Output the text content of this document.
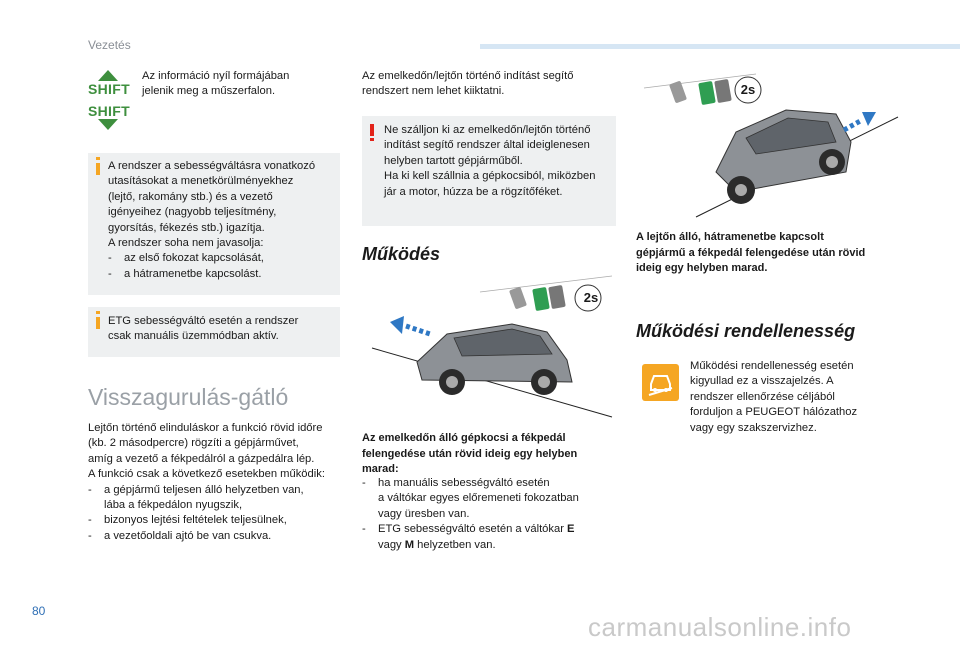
Vezetés
SHIFT
SHIFT
Az információ nyíl formájában jelenik meg a műszerfalon.
A rendszer a sebességváltásra vonatkozó
utasításokat a menetkörülményekhez
(lejtő, rakomány stb.) és a vezető
igényeihez (nagyobb teljesítmény,
gyorsítás, fékezés stb.) igazítja.
A rendszer soha nem javasolja:
- az első fokozat kapcsolását,
- a hátramenetbe kapcsolást.
ETG sebességváltó esetén a rendszer
csak manuális üzemmódban aktív.
Visszagurulás-gátló
Lejtőn történő elinduláskor a funkció rövid időre
(kb. 2 másodpercre) rögzíti a gépjárművet,
amíg a vezető a fékpedálról a gázpedálra lép.
A funkció csak a következő esetekben működik:
- a gépjármű teljesen álló helyzetben van,
lába a fékpedálon nyugszik,
- bizonyos lejtési feltételek teljesülnek,
- a vezetőoldali ajtó be van csukva.
Az emelkedőn/lejtőn történő indítást segítő
rendszert nem lehet kiiktatni.
Ne szálljon ki az emelkedőn/lejtőn történő
indítást segítő rendszer által ideiglenesen
helyben tartott gépjárműből.
Ha ki kell szállnia a gépkocsiból, miközben
jár a motor, húzza be a rögzítőféket.
Működés
2s
Az emelkedőn álló gépkocsi a fékpedál
felengedése után rövid ideig egy helyben
marad:
- ha manuális sebességváltó esetén
a váltókar egyes előremeneti fokozatban
vagy üresben van.
- ETG sebességváltó esetén a váltókar E
vagy M helyzetben van.
2s
A lejtőn álló, hátramenetbe kapcsolt
gépjármű a fékpedál felengedése után rövid
ideig egy helyben marad.
Működési rendellenesség
Működési rendellenesség esetén
kigyullad ez a visszajelzés. A
rendszer ellenőrzése céljából
forduljon a PEUGEOT hálózathoz
vagy egy szakszervizhez.
80
carmanualsonline.info
